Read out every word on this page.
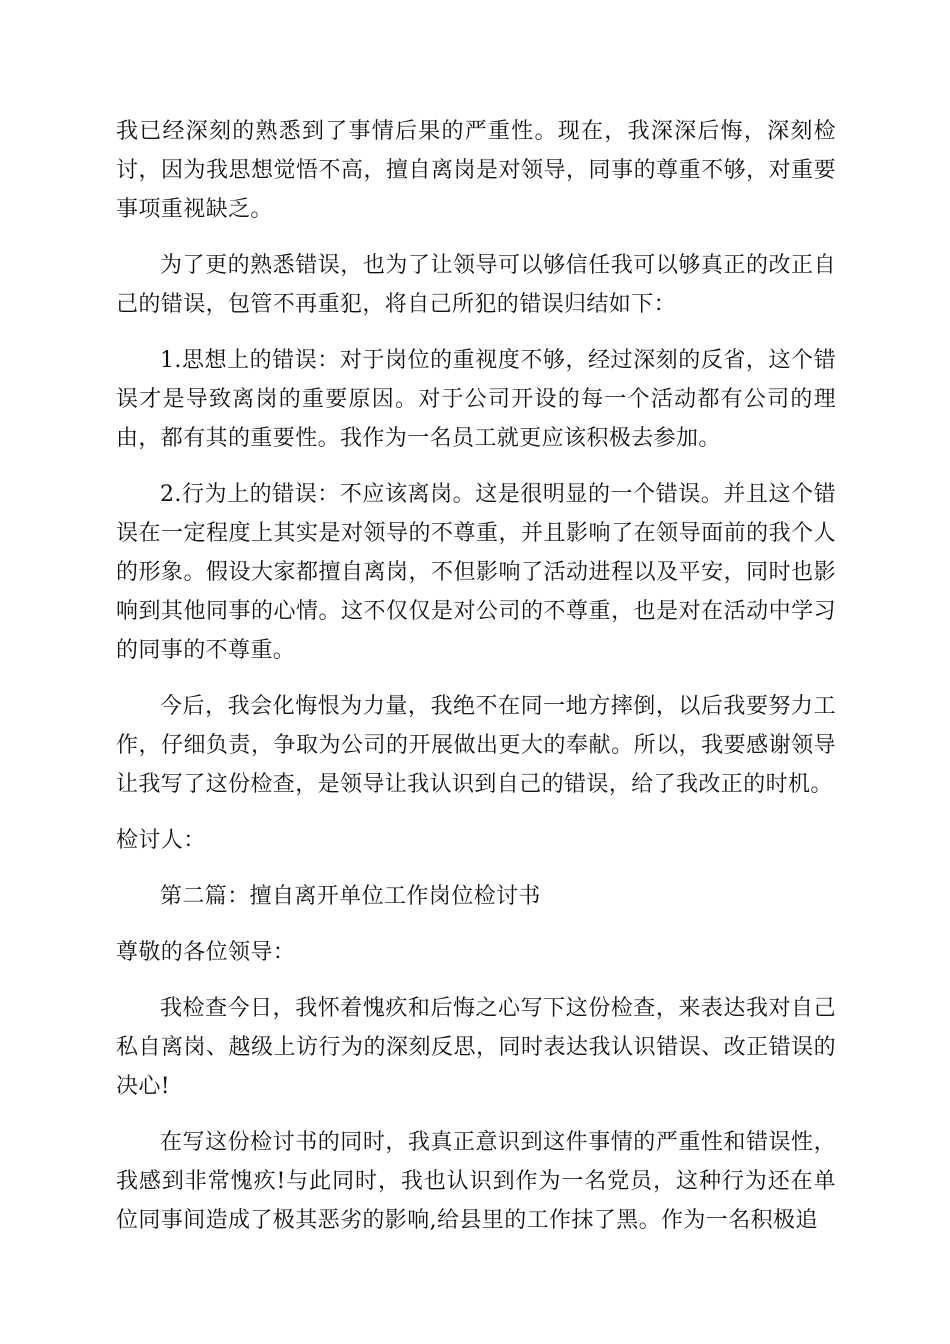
我已经深刻的熟悉到了事情后果的严重性。现在，我深深后悔，深刻检讨，因为我思想觉悟不高，擅自离岗是对领导，同事的尊重不够，对重要事项重视缺乏。

为了更的熟悉错误，也为了让领导可以够信任我可以够真正的改正自己的错误，包管不再重犯，将自己所犯的错误归结如下：

1.思想上的错误：对于岗位的重视度不够，经过深刻的反省，这个错误才是导致离岗的重要原因。对于公司开设的每一个活动都有公司的理由，都有其的重要性。我作为一名员工就更应该积极去参加。

2.行为上的错误：不应该离岗。这是很明显的一个错误。并且这个错误在一定程度上其实是对领导的不尊重，并且影响了在领导面前的我个人的形象。假设大家都擅自离岗，不但影响了活动进程以及平安，同时也影响到其他同事的心情。这不仅仅是对公司的不尊重，也是对在活动中学习的同事的不尊重。

今后，我会化悔恨为力量，我绝不在同一地方摔倒，以后我要努力工作，仔细负责，争取为公司的开展做出更大的奉献。所以，我要感谢领导让我写了这份检查，是领导让我认识到自己的错误，给了我改正的时机。

检讨人：

第二篇：擅自离开单位工作岗位检讨书

尊敬的各位领导：

我检查今日，我怀着愧疚和后悔之心写下这份检查，来表达我对自己私自离岗、越级上访行为的深刻反思，同时表达我认识错误、改正错误的决心!

在写这份检讨书的同时，我真正意识到这件事情的严重性和错误性，我感到非常愧疚!与此同时，我也认识到作为一名党员，这种行为还在单位同事间造成了极其恶劣的影响,给县里的工作抹了黑。作为一名积极追
